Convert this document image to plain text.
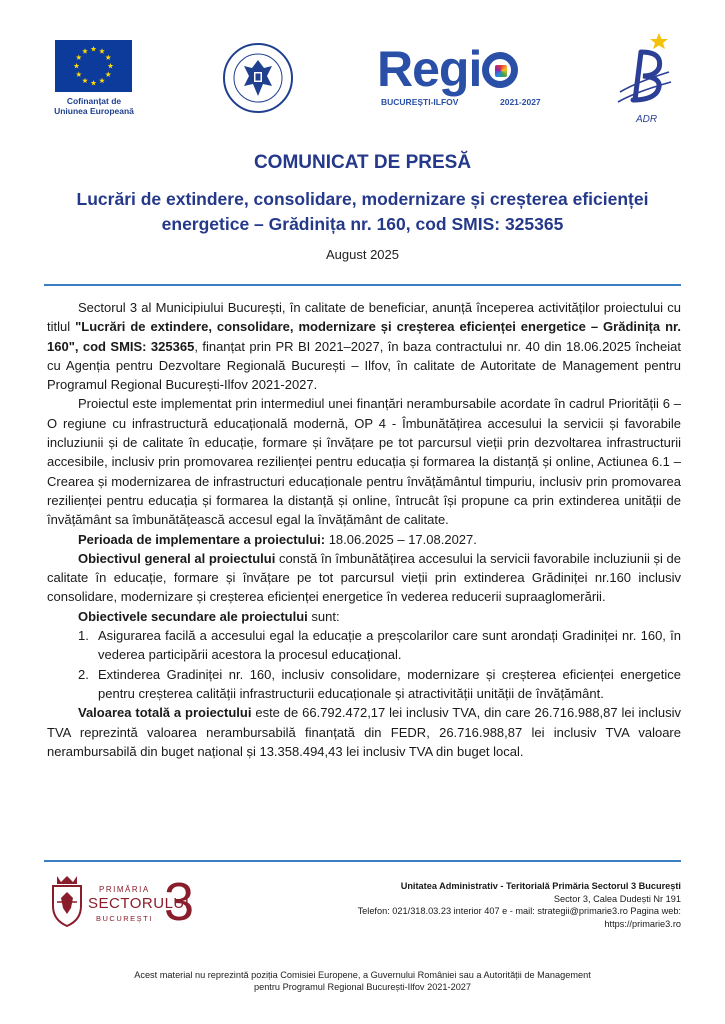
Cofinanțat de
Uniunea Europeană
Regi
BUCUREȘTI-ILFOV	2021-2027
ADR
COMUNICAT DE PRESĂ
Lucrări de extindere, consolidare, modernizare și creșterea eficienței energetice – Grădinița nr. 160, cod SMIS: 325365
August 2025

Sectorul 3 al Municipiului București, în calitate de beneficiar, anunță începerea activităților proiectului cu titlul "Lucrări de extindere, consolidare, modernizare și creșterea eficienței energetice – Grădinița nr. 160", cod SMIS: 325365, finanțat prin PR BI 2021–2027, în baza contractului nr. 40 din 18.06.2025 încheiat cu Agenția pentru Dezvoltare Regională București – Ilfov, în calitate de Autoritate de Management pentru Programul Regional București-Ilfov 2021-2027.

Proiectul este implementat prin intermediul unei finanțări nerambursabile acordate în cadrul Priorității 6 – O regiune cu infrastructură educațională modernă, OP 4 - Îmbunătățirea accesului la servicii și favorabile incluziunii și de calitate în educație, formare și învățare pe tot parcursul vieții prin dezvoltarea infrastructurii accesibile, inclusiv prin promovarea rezilienței pentru educația și formarea la distanță și online, Actiunea 6.1 – Crearea și modernizarea de infrastructuri educaționale pentru învățământul timpuriu, inclusiv prin promovarea rezilienței pentru educația și formarea la distanță și online, întrucât își propune ca prin extinderea unității de învățământ sa îmbunătățească accesul egal la învățământ de calitate.

Perioada de implementare a proiectului: 18.06.2025 – 17.08.2027.

Obiectivul general al proiectului constă în îmbunătățirea accesului la servicii favorabile incluziunii și de calitate în educație, formare și învățare pe tot parcursul vieții prin extinderea Grădiniței nr.160 inclusiv consolidare, modernizare și creșterea eficienței energetice în vederea reducerii supraaglomerării.

Obiectivele secundare ale proiectului sunt:

1. Asigurarea facilă a accesului egal la educație a preșcolarilor care sunt arondați Gradiniței nr. 160, în vederea participării acestora la procesul educațional.
2. Extinderea Gradiniței nr. 160, inclusiv consolidare, modernizare și creșterea eficienței energetice pentru creșterea calității infrastructurii educaționale și atractivității unității de învățământ.

Valoarea totală a proiectului este de 66.792.472,17 lei inclusiv TVA, din care 26.716.988,87 lei inclusiv TVA reprezintă valoarea nerambursabilă finanțată din FEDR, 26.716.988,87 lei inclusiv TVA valoare nerambursabilă din buget național și 13.358.494,43 lei inclusiv TVA din buget local.

PRIMĂRIA
SECTORULUI
BUCUREȘTI 3	Unitatea Administrativ - Teritorială Primăria Sectorul 3 București
Sector 3, Calea Dudești Nr 191
Telefon: 021/318.03.23 interior 407 e - mail: strategii@primarie3.ro Pagina web:
https://primarie3.ro
Acest material nu reprezintă poziția Comisiei Europene, a Guvernului României sau a Autorității de Management
pentru Programul Regional București-Ilfov 2021-2027
